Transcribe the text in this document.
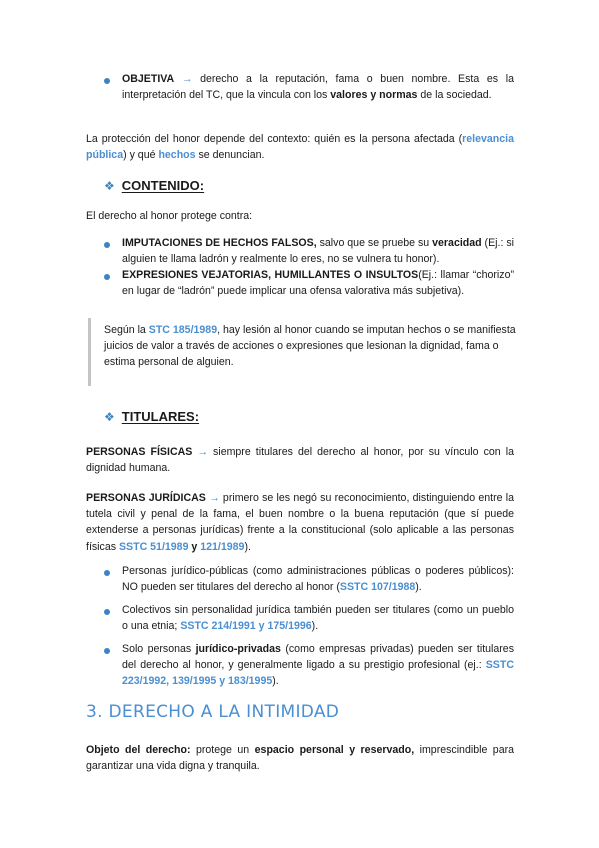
OBJETIVA → derecho a la reputación, fama o buen nombre. Esta es la interpretación del TC, que la vincula con los valores y normas de la sociedad.
La protección del honor depende del contexto: quién es la persona afectada (relevancia pública) y qué hechos se denuncian.
❖ CONTENIDO:
El derecho al honor protege contra:
IMPUTACIONES DE HECHOS FALSOS, salvo que se pruebe su veracidad (Ej.: si alguien te llama ladrón y realmente lo eres, no se vulnera tu honor).
EXPRESIONES VEJATORIAS, HUMILLANTES O INSULTOS(Ej.: llamar “chorizo” en lugar de “ladrón” puede implicar una ofensa valorativa más subjetiva).
Según la STC 185/1989, hay lesión al honor cuando se imputan hechos o se manifiesta juicios de valor a través de acciones o expresiones que lesionan la dignidad, fama o estima personal de alguien.
❖ TITULARES:
PERSONAS FÍSICAS → siempre titulares del derecho al honor, por su vínculo con la dignidad humana.
PERSONAS JURÍDICAS → primero se les negó su reconocimiento, distinguiendo entre la tutela civil y penal de la fama, el buen nombre o la buena reputación (que sí puede extenderse a personas jurídicas) frente a la constitucional (solo aplicable a las personas físicas SSTC 51/1989 y 121/1989).
Personas jurídico-públicas (como administraciones públicas o poderes públicos): NO pueden ser titulares del derecho al honor (SSTC 107/1988).
Colectivos sin personalidad jurídica también pueden ser titulares (como un pueblo o una etnia; SSTC 214/1991 y 175/1996).
Solo personas jurídico-privadas (como empresas privadas) pueden ser titulares del derecho al honor, y generalmente ligado a su prestigio profesional (ej.: SSTC 223/1992, 139/1995 y 183/1995).
3. DERECHO A LA INTIMIDAD
Objeto del derecho: protege un espacio personal y reservado, imprescindible para garantizar una vida digna y tranquila.
